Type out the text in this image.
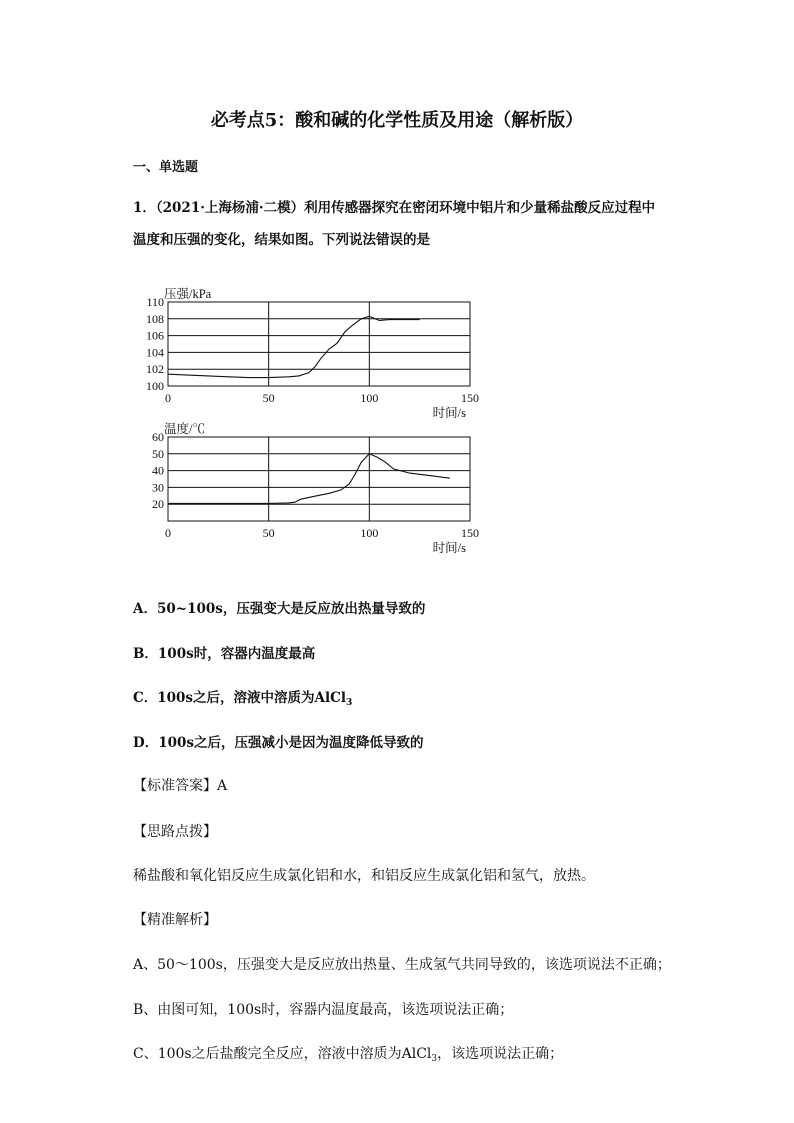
必考点5：酸和碱的化学性质及用途（解析版）
一、单选题
1．（2021·上海杨浦·二模）利用传感器探究在密闭环境中铝片和少量稀盐酸反应过程中
温度和压强的变化，结果如图。下列说法错误的是
100
102
104
106
108
110
0	50	100	150
压强/kPa
时间/s
20
30
40
50
60
0	50	100	150
温度/℃
时间/s
A．50~100s，压强变大是反应放出热量导致的
B．100s时，容器内温度最高
C．100s之后，溶液中溶质为AlCl$_3$
D．100s之后，压强减小是因为温度降低导致的
【标准答案】A
【思路点拨】
稀盐酸和氧化铝反应生成氯化铝和水，和铝反应生成氯化铝和氢气，放热。
【精准解析】
A、50～100s，压强变大是反应放出热量、生成氢气共同导致的，该选项说法不正确；
B、由图可知，100s时，容器内温度最高，该选项说法正确；
C、100s之后盐酸完全反应，溶液中溶质为AlCl$_3$，该选项说法正确；
